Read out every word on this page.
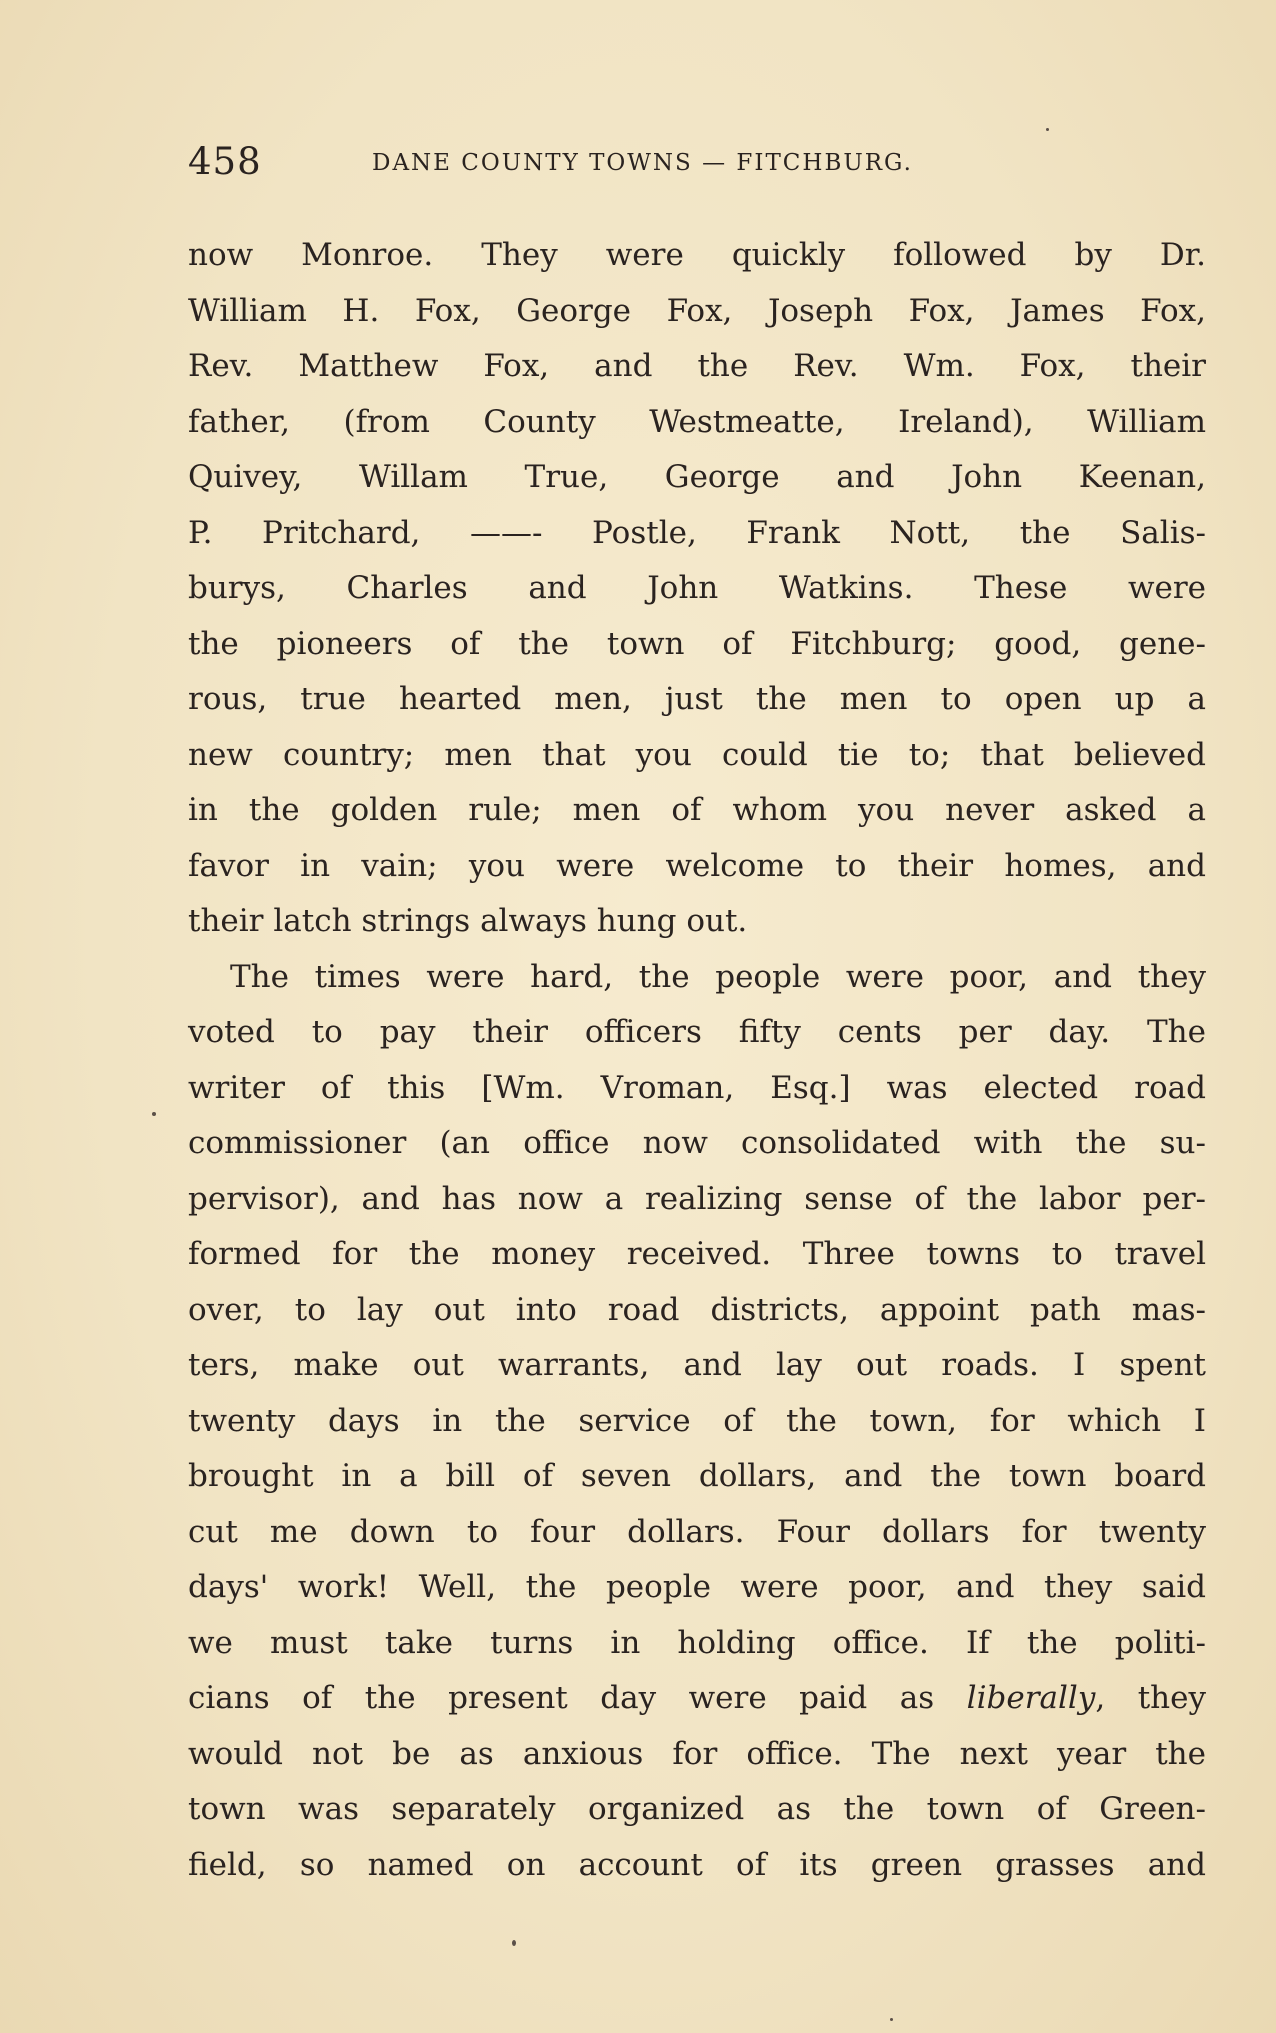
458	DANE COUNTY TOWNS — FITCHBURG.
now Monroe. They were quickly followed by Dr.
William H. Fox, George Fox, Joseph Fox, James Fox,
Rev. Matthew Fox, and the Rev. Wm. Fox, their
father, (from County Westmeatte, Ireland), William
Quivey, Willam True, George and John Keenan,
P. Pritchard, ——- Postle, Frank Nott, the Salis-
burys, Charles and John Watkins. These were
the pioneers of the town of Fitchburg; good, gene-
rous, true hearted men, just the men to open up a
new country; men that you could tie to; that believed
in the golden rule; men of whom you never asked a
favor in vain; you were welcome to their homes, and
their latch strings always hung out.
The times were hard, the people were poor, and they
voted to pay their officers fifty cents per day. The
writer of this [Wm. Vroman, Esq.] was elected road
commissioner (an office now consolidated with the su-
pervisor), and has now a realizing sense of the labor per-
formed for the money received. Three towns to travel
over, to lay out into road districts, appoint path mas-
ters, make out warrants, and lay out roads. I spent
twenty days in the service of the town, for which I
brought in a bill of seven dollars, and the town board
cut me down to four dollars. Four dollars for twenty
days' work! Well, the people were poor, and they said
we must take turns in holding office. If the politi-
cians of the present day were paid as liberally, they
would not be as anxious for office. The next year the
town was separately organized as the town of Green-
field, so named on account of its green grasses and
